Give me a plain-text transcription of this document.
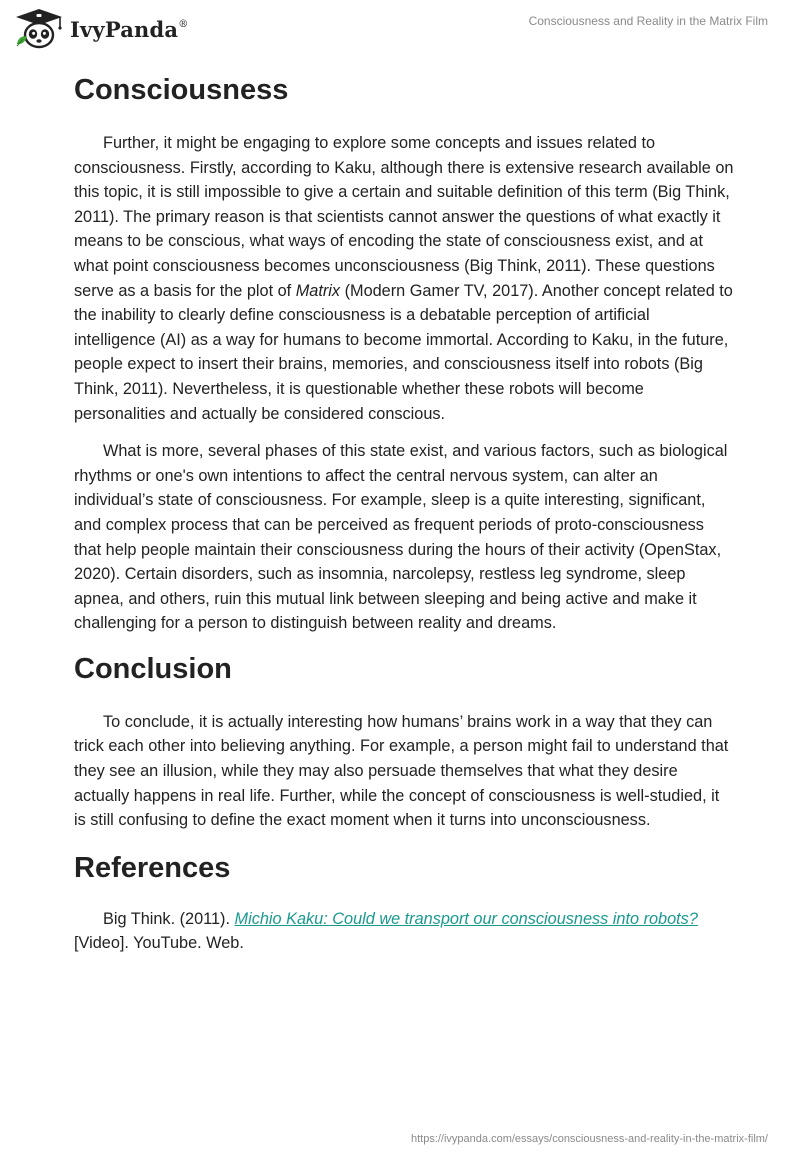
IvyPanda®	Consciousness and Reality in the Matrix Film
Consciousness

Further, it might be engaging to explore some concepts and issues related to consciousness. Firstly, according to Kaku, although there is extensive research available on this topic, it is still impossible to give a certain and suitable definition of this term (Big Think, 2011). The primary reason is that scientists cannot answer the questions of what exactly it means to be conscious, what ways of encoding the state of consciousness exist, and at what point consciousness becomes unconsciousness (Big Think, 2011). These questions serve as a basis for the plot of Matrix (Modern Gamer TV, 2017). Another concept related to the inability to clearly define consciousness is a debatable perception of artificial intelligence (AI) as a way for humans to become immortal. According to Kaku, in the future, people expect to insert their brains, memories, and consciousness itself into robots (Big Think, 2011). Nevertheless, it is questionable whether these robots will become personalities and actually be considered conscious.

What is more, several phases of this state exist, and various factors, such as biological rhythms or one's own intentions to affect the central nervous system, can alter an individual’s state of consciousness. For example, sleep is a quite interesting, significant, and complex process that can be perceived as frequent periods of proto-consciousness that help people maintain their consciousness during the hours of their activity (OpenStax, 2020). Certain disorders, such as insomnia, narcolepsy, restless leg syndrome, sleep apnea, and others, ruin this mutual link between sleeping and being active and make it challenging for a person to distinguish between reality and dreams.

Conclusion

To conclude, it is actually interesting how humans’ brains work in a way that they can trick each other into believing anything. For example, a person might fail to understand that they see an illusion, while they may also persuade themselves that what they desire actually happens in real life. Further, while the concept of consciousness is well-studied, it is still confusing to define the exact moment when it turns into unconsciousness.

References

Big Think. (2011). Michio Kaku: Could we transport our consciousness into robots? [Video]. YouTube. Web.

https://ivypanda.com/essays/consciousness-and-reality-in-the-matrix-film/
